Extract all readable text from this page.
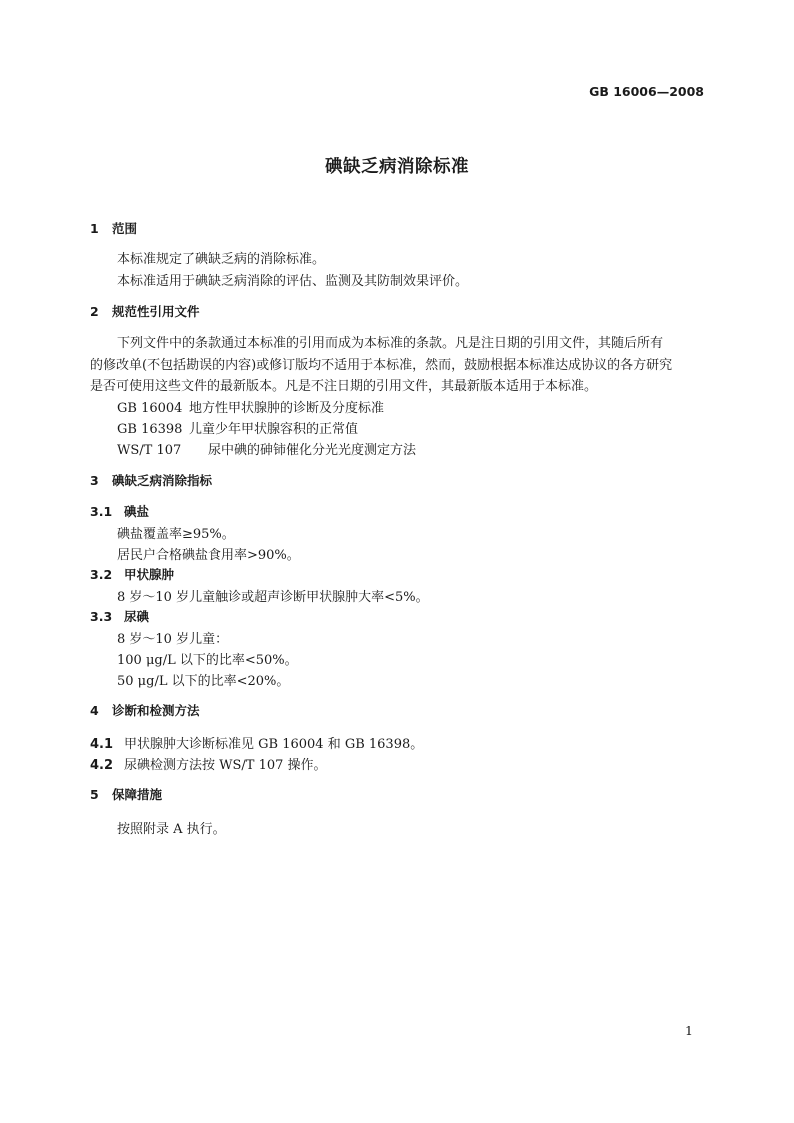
GB 16006—2008
碘缺乏病消除标准
1 范围
本标准规定了碘缺乏病的消除标准。
本标准适用于碘缺乏病消除的评估、监测及其防制效果评价。
2 规范性引用文件
下列文件中的条款通过本标准的引用而成为本标准的条款。凡是注日期的引用文件，其随后所有
的修改单(不包括勘误的内容)或修订版均不适用于本标准，然而，鼓励根据本标准达成协议的各方研究
是否可使用这些文件的最新版本。凡是不注日期的引用文件，其最新版本适用于本标准。
GB 16004 地方性甲状腺肿的诊断及分度标准
GB 16398 儿童少年甲状腺容积的正常值
WS/T 107 尿中碘的砷铈催化分光光度测定方法
3 碘缺乏病消除指标
3.1 碘盐
碘盐覆盖率≥95%。
居民户合格碘盐食用率>90%。
3.2 甲状腺肿
8 岁～10 岁儿童触诊或超声诊断甲状腺肿大率<5%。
3.3 尿碘
8 岁～10 岁儿童：
100 μg/L 以下的比率<50%。
50 μg/L 以下的比率<20%。
4 诊断和检测方法
4.1 甲状腺肿大诊断标准见 GB 16004 和 GB 16398。
4.2 尿碘检测方法按 WS/T 107 操作。
5 保障措施
按照附录 A 执行。
1
